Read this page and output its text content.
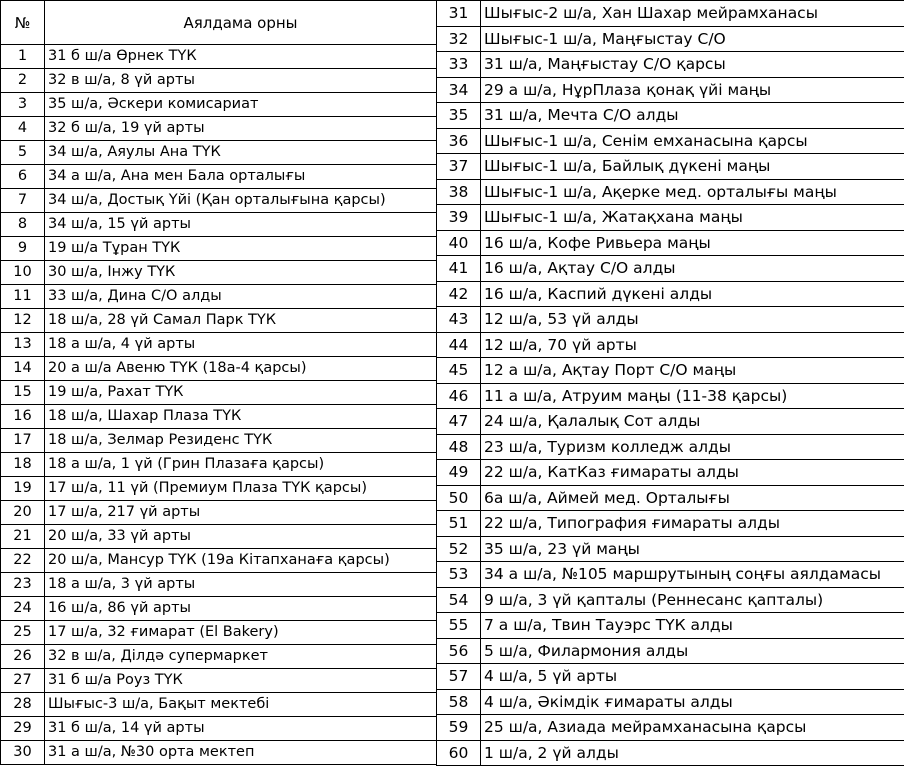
№	Аялдама орны
1	31 б ш/а Өрнек ТҮК
2	32 в ш/а, 8 үй арты
3	35 ш/а, Әскери комисариат
4	32 б ш/а, 19 үй арты
5	34 ш/а, Аяулы Ана ТҮК
6	34 а ш/а, Ана мен Бала орталығы
7	34 ш/а, Достық Үйі (Қан орталығына қарсы)
8	34 ш/а, 15 үй арты
9	19 ш/а Тұран ТҮК
10	30 ш/а, Інжу ТҮК
11	33 ш/а, Дина С/О алды
12	18 ш/а, 28 үй Самал Парк ТҮК
13	18 а ш/а, 4 үй арты
14	20 а ш/а Авеню ТҮК (18а-4 қарсы)
15	19 ш/а, Рахат ТҮК
16	18 ш/а, Шахар Плаза ТҮК
17	18 ш/а, Зелмар Резиденс ТҮК
18	18 а ш/а, 1 үй (Грин Плазаға қарсы)
19	17 ш/а, 11 үй (Премиум Плаза ТҮК қарсы)
20	17 ш/а, 217 үй арты
21	20 ш/а, 33 үй арты
22	20 ш/а, Мансур ТҮК (19а Кітапханаға қарсы)
23	18 а ш/а, 3 үй арты
24	16 ш/а, 86 үй арты
25	17 ш/а, 32 ғимарат (El Bakery)
26	32 в ш/а, Ділдә супермаркет
27	31 б ш/а Роуз ТҮК
28	Шығыс-3 ш/а, Бақыт мектебі
29	31 б ш/а, 14 үй арты
30	31 а ш/а, №30 орта мектеп
31	Шығыс-2 ш/а, Хан Шахар мейрамханасы
32	Шығыс-1 ш/а, Маңғыстау С/О
33	31 ш/а, Маңғыстау С/О қарсы
34	29 а ш/а, НұрПлаза қонақ үйі маңы
35	31 ш/а, Мечта С/О алды
36	Шығыс-1 ш/а, Сенім емханасына қарсы
37	Шығыс-1 ш/а, Байлық дүкені маңы
38	Шығыс-1 ш/а, Ақерке мед. орталығы маңы
39	Шығыс-1 ш/а, Жатақхана маңы
40	16 ш/а, Кофе Ривьера маңы
41	16 ш/а, Ақтау С/О алды
42	16 ш/а, Каспий дүкені алды
43	12 ш/а, 53 үй алды
44	12 ш/а, 70 үй арты
45	12 а ш/а, Ақтау Порт С/О маңы
46	11 а ш/а, Атруим маңы (11-38 қарсы)
47	24 ш/а, Қалалық Сот алды
48	23 ш/а, Туризм колледж алды
49	22 ш/а, КатКаз ғимараты алды
50	6а ш/а, Аймей мед. Орталығы
51	22 ш/а, Типография ғимараты алды
52	35 ш/а, 23 үй маңы
53	34 а ш/а, №105 маршрутының соңғы аялдамасы
54	9 ш/а, 3 үй қапталы (Реннесанс қапталы)
55	7 а ш/а, Твин Тауэрс ТҮК алды
56	5 ш/а, Филармония алды
57	4 ш/а, 5 үй арты
58	4 ш/а, Әкімдік ғимараты алды
59	25 ш/а, Азиада мейрамханасына қарсы
60	1 ш/а, 2 үй алды
